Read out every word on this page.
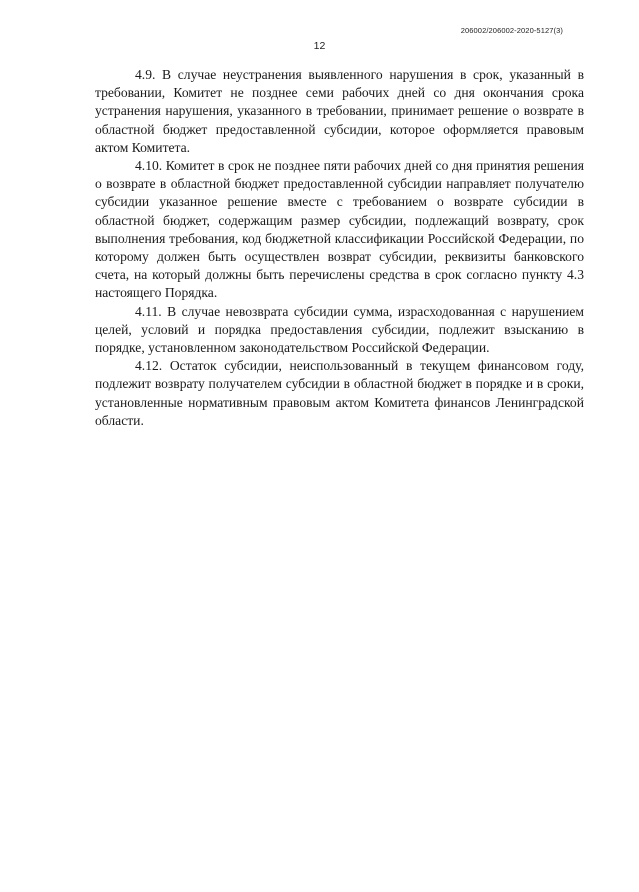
206002/206002-2020-5127(3)
12

4.9. В случае неустранения выявленного нарушения в срок, указанный в требовании, Комитет не позднее семи рабочих дней со дня окончания срока устранения нарушения, указанного в требовании, принимает решение о возврате в областной бюджет предоставленной субсидии, которое оформляется правовым актом Комитета.

4.10. Комитет в срок не позднее пяти рабочих дней со дня принятия решения о возврате в областной бюджет предоставленной субсидии направляет получателю субсидии указанное решение вместе с требованием о возврате субсидии в областной бюджет, содержащим размер субсидии, подлежащий возврату, срок выполнения требования, код бюджетной классификации Российской Федерации, по которому должен быть осуществлен возврат субсидии, реквизиты банковского счета, на который должны быть перечислены средства в срок согласно пункту 4.3 настоящего Порядка.

4.11. В случае невозврата субсидии сумма, израсходованная с нарушением целей, условий и порядка предоставления субсидии, подлежит взысканию в порядке, установленном законодательством Российской Федерации.

4.12. Остаток субсидии, неиспользованный в текущем финансовом году, подлежит возврату получателем субсидии в областной бюджет в порядке и в сроки, установленные нормативным правовым актом Комитета финансов Ленинградской области.
